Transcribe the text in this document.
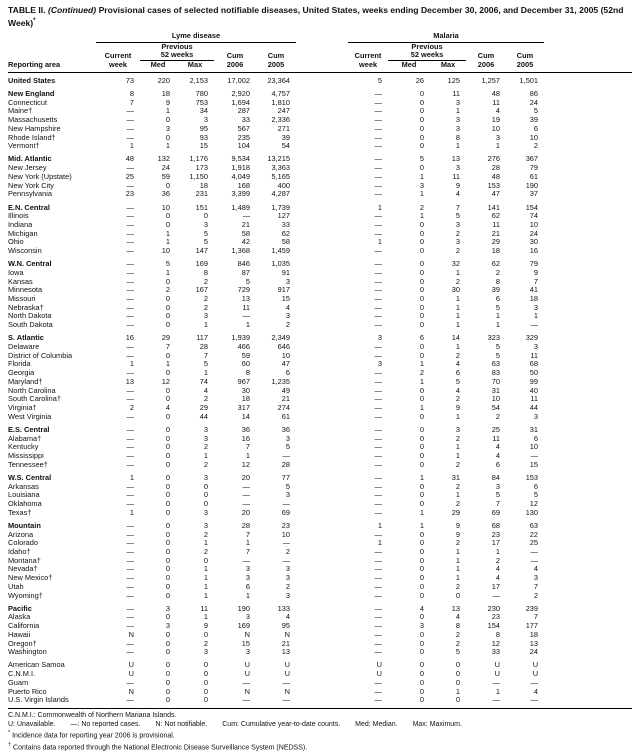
TABLE II. (Continued) Provisional cases of selected notifiable diseases, United States, weeks ending December 30, 2006, and December 31, 2005 (52nd Week)*
	Lyme disease						Malaria					
		Previous						Previous				
	Current	52 weeks		Cum	Cum		Current	52 weeks		Cum	Cum	
Reporting area	week	Med	Max	2006	2005		week	Med	Max	2006	2005	
United States	73	220	2,153	17,002	23,364		5	26	125	1,257	1,501	
New England	8	18	780	2,920	4,757		—	0	11	48	86	
Connecticut	7	9	753	1,694	1,810		—	0	3	11	24	
Maine†	—	1	34	287	247		—	0	1	4	5	
Massachusetts	—	0	3	33	2,336		—	0	3	19	39	
New Hampshire	—	3	95	567	271		—	0	3	10	6	
Rhode Island†	—	0	93	235	39		—	0	8	3	10	
Vermont†	1	1	15	104	54		—	0	1	1	2	
Mid. Atlantic	48	132	1,176	9,534	13,215		—	5	13	276	367	
New Jersey	—	24	173	1,918	3,363		—	0	3	28	79	
New York (Upstate)	25	59	1,150	4,049	5,165		—	1	11	48	61	
New York City	—	0	18	168	400		—	3	9	153	190	
Pennsylvania	23	36	231	3,399	4,287		—	1	4	47	37	
E.N. Central	—	10	151	1,489	1,739		1	2	7	141	154	
Illinois	—	0	0	—	127		—	1	5	62	74	
Indiana	—	0	3	21	33		—	0	3	11	10	
Michigan	—	1	5	58	62		—	0	2	21	24	
Ohio	—	1	5	42	58		1	0	3	29	30	
Wisconsin	—	10	147	1,368	1,459		—	0	2	18	16	
W.N. Central	—	5	169	846	1,035		—	0	32	62	79	
Iowa	—	1	8	87	91		—	0	1	2	9	
Kansas	—	0	2	5	3		—	0	2	8	7	
Minnesota	—	2	167	729	917		—	0	30	39	41	
Missouri	—	0	2	13	15		—	0	1	6	18	
Nebraska†	—	0	2	11	4		—	0	1	5	3	
North Dakota	—	0	3	—	3		—	0	1	1	1	
South Dakota	—	0	1	1	2		—	0	1	1	—	
S. Atlantic	16	29	117	1,939	2,349		3	6	14	323	329	
Delaware	—	7	28	466	646		—	0	1	5	3	
District of Columbia	—	0	7	59	10		—	0	2	5	11	
Florida	1	1	5	60	47		3	1	4	63	68	
Georgia	—	0	1	8	6		—	2	6	83	50	
Maryland†	13	12	74	967	1,235		—	1	5	70	99	
North Carolina	—	0	4	30	49		—	0	4	31	40	
South Carolina†	—	0	2	18	21		—	0	2	10	11	
Virginia†	2	4	29	317	274		—	1	9	54	44	
West Virginia	—	0	44	14	61		—	0	1	2	3	
E.S. Central	—	0	3	36	36		—	0	3	25	31	
Alabama†	—	0	3	16	3		—	0	2	11	6	
Kentucky	—	0	2	7	5		—	0	1	4	10	
Mississippi	—	0	1	1	—		—	0	1	4	—	
Tennessee†	—	0	2	12	28		—	0	2	6	15	
W.S. Central	1	0	3	20	77		—	1	31	84	153	
Arkansas	—	0	0	—	5		—	0	2	3	6	
Louisiana	—	0	0	—	3		—	0	1	5	5	
Oklahoma	—	0	0	—	—		—	0	2	7	12	
Texas†	1	0	3	20	69		—	1	29	69	130	
Mountain	—	0	3	28	23		1	1	9	68	63	
Arizona	—	0	2	7	10		—	0	9	23	22	
Colorado	—	0	1	1	—		1	0	2	17	25	
Idaho†	—	0	2	7	2		—	0	1	1	—	
Montana†	—	0	0	—	—		—	0	1	2	—	
Nevada†	—	0	1	3	3		—	0	1	4	4	
New Mexico†	—	0	1	3	3		—	0	1	4	3	
Utah	—	0	1	6	2		—	0	2	17	7	
Wyoming†	—	0	1	1	3		—	0	0	—	2	
Pacific	—	3	11	190	133		—	4	13	230	239	
Alaska	—	0	1	3	4		—	0	4	23	7	
California	—	3	9	169	95		—	3	8	154	177	
Hawaii	N	0	0	N	N		—	0	2	8	18	
Oregon†	—	0	2	15	21		—	0	2	12	13	
Washington	—	0	3	3	13		—	0	5	33	24	
American Samoa	U	0	0	U	U		U	0	0	U	U	
C.N.M.I.	U	0	0	U	U		U	0	0	U	U	
Guam	—	0	0	—	—		—	0	0	—	—	
Puerto Rico	N	0	0	N	N		—	0	1	1	4	
U.S. Virgin Islands	—	0	0	—	—		—	0	0	—	—	
C.N.M.I.: Commonwealth of Northern Mariana Islands.
U: Unavailable. —: No reported cases. N: Not notifiable. Cum: Cumulative year-to-date counts. Med: Median. Max: Maximum.
* Incidence data for reporting year 2006 is provisional.
† Contains data reported through the National Electronic Disease Surveillance System (NEDSS).
